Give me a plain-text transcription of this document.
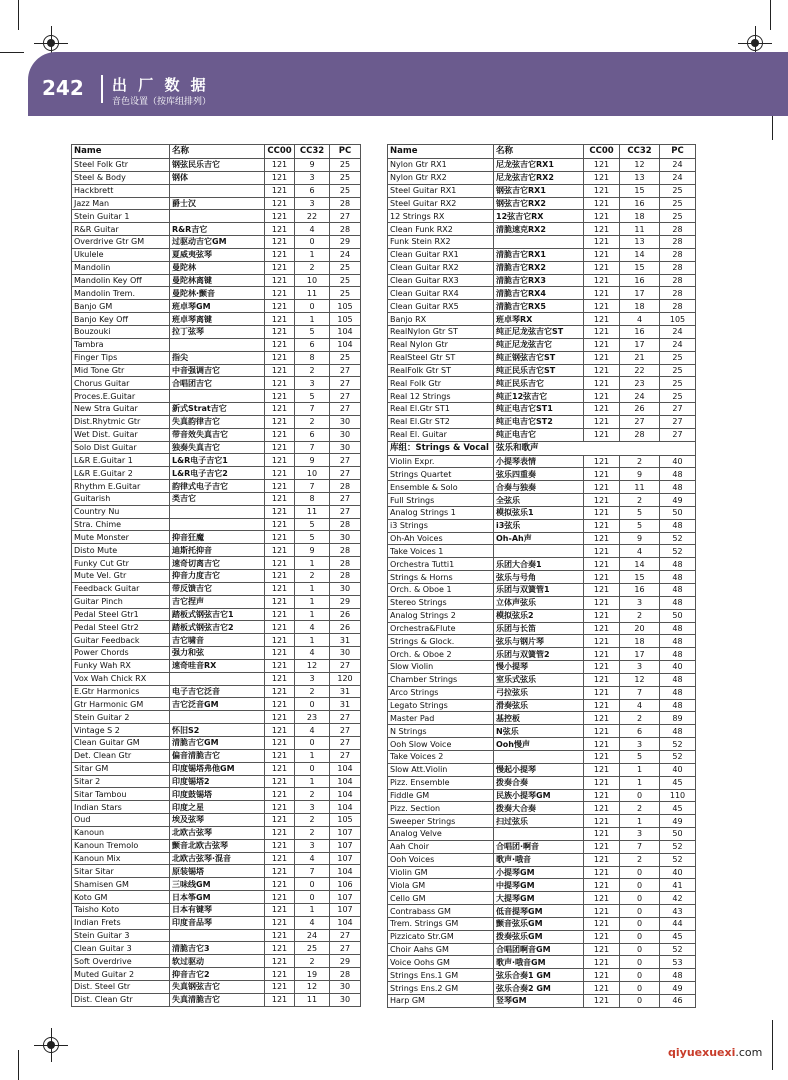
242 出 厂 数 据
音色设置（按库组排列）
Name	名称	CC00	CC32	PC
Steel Folk Gtr	钢弦民乐吉它	121	9	25
Steel & Body	钢体	121	3	25
Hackbrett		121	6	25
Jazz Man	爵士汉	121	3	28
Stein Guitar 1		121	22	27
R&R Guitar	R&R吉它	121	4	28
Overdrive Gtr GM	过驱动吉它GM	121	0	29
Ukulele	夏威夷弦琴	121	1	24
Mandolin	曼陀林	121	2	25
Mandolin Key Off	曼陀林离键	121	10	25
Mandolin Trem.	曼陀林·颤音	121	11	25
Banjo GM	班卓琴GM	121	0	105
Banjo Key Off	班卓琴离键	121	1	105
Bouzouki	拉丁弦琴	121	5	104
Tambra		121	6	104
Finger Tips	指尖	121	8	25
Mid Tone Gtr	中音强调吉它	121	2	27
Chorus Guitar	合唱团吉它	121	3	27
Proces.E.Guitar		121	5	27
New Stra Guitar	新式Strat吉它	121	7	27
Dist.Rhytmic Gtr	失真韵律吉它	121	2	30
Wet Dist. Guitar	带音效失真吉它	121	6	30
Solo Dist Guitar	独奏失真吉它	121	7	30
L&R E.Guitar 1	L&R电子吉它1	121	9	27
L&R E.Guitar 2	L&R电子吉它2	121	10	27
Rhythm E.Guitar	韵律式电子吉它	121	7	28
Guitarish	类吉它	121	8	27
Country Nu		121	11	27
Stra. Chime		121	5	28
Mute Monster	抑音狂魔	121	5	30
Disto Mute	迪斯托抑音	121	9	28
Funky Cut Gtr	速奇切离吉它	121	1	28
Mute Vel. Gtr	抑音力度吉它	121	2	28
Feedback Guitar	带反馈吉它	121	1	30
Guitar Pinch	吉它捏声	121	1	29
Pedal Steel Gtr1	踏板式钢弦吉它1	121	1	26
Pedal Steel Gtr2	踏板式钢弦吉它2	121	4	26
Guitar Feedback	吉它啸音	121	1	31
Power Chords	强力和弦	121	4	30
Funky Wah RX	速奇哇音RX	121	12	27
Vox Wah Chick RX		121	3	120
E.Gtr Harmonics	电子吉它泛音	121	2	31
Gtr Harmonic GM	吉它泛音GM	121	0	31
Stein Guitar 2		121	23	27
Vintage S 2	怀旧S2	121	4	27
Clean Guitar GM	清脆吉它GM	121	0	27
Det. Clean Gtr	偏音清脆吉它	121	1	27
Sitar GM	印度锡塔弗他GM	121	0	104
Sitar 2	印度锡塔2	121	1	104
Sitar Tambou	印度鼓锡塔	121	2	104
Indian Stars	印度之星	121	3	104
Oud	埃及弦琴	121	2	105
Kanoun	北欧古弦琴	121	2	107
Kanoun Tremolo	颤音北欧古弦琴	121	3	107
Kanoun Mix	北欧古弦琴·混音	121	4	107
Sitar Sitar	原装锡塔	121	7	104
Shamisen GM	三味线GM	121	0	106
Koto GM	日本筝GM	121	0	107
Taisho Koto	日本有键琴	121	1	107
Indian Frets	印度音品琴	121	4	104
Stein Guitar 3		121	24	27
Clean Guitar 3	清脆吉它3	121	25	27
Soft Overdrive	软过驱动	121	2	29
Muted Guitar 2	抑音吉它2	121	19	28
Dist. Steel Gtr	失真钢弦吉它	121	12	30
Dist. Clean Gtr	失真清脆吉它	121	11	30
Name	名称	CC00	CC32	PC
Nylon Gtr RX1	尼龙弦吉它RX1	121	12	24
Nylon Gtr RX2	尼龙弦吉它RX2	121	13	24
Steel Guitar RX1	钢弦吉它RX1	121	15	25
Steel Guitar RX2	钢弦吉它RX2	121	16	25
12 Strings RX	12弦吉它RX	121	18	25
Clean Funk RX2	清脆速克RX2	121	11	28
Funk Stein RX2		121	13	28
Clean Guitar RX1	清脆吉它RX1	121	14	28
Clean Guitar RX2	清脆吉它RX2	121	15	28
Clean Guitar RX3	清脆吉它RX3	121	16	28
Clean Guitar RX4	清脆吉它RX4	121	17	28
Clean Guitar RX5	清脆吉它RX5	121	18	28
Banjo RX	班卓琴RX	121	4	105
RealNylon Gtr ST	纯正尼龙弦吉它ST	121	16	24
Real Nylon Gtr	纯正尼龙弦吉它	121	17	24
RealSteel Gtr ST	纯正钢弦吉它ST	121	21	25
RealFolk Gtr ST	纯正民乐吉它ST	121	22	25
Real Folk Gtr	纯正民乐吉它	121	23	25
Real 12 Strings	纯正12弦吉它	121	24	25
Real El.Gtr ST1	纯正电吉它ST1	121	26	27
Real El.Gtr ST2	纯正电吉它ST2	121	27	27
Real El. Guitar	纯正电吉它	121	28	27
库组：Strings & Vocal	弦乐和歌声			
Violin Expr.	小提琴表情	121	2	40
Strings Quartet	弦乐四重奏	121	9	48
Ensemble & Solo	合奏与独奏	121	11	48
Full Strings	全弦乐	121	2	49
Analog Strings 1	模拟弦乐1	121	5	50
i3 Strings	i3弦乐	121	5	48
Oh-Ah Voices	Oh-Ah声	121	9	52
Take Voices 1		121	4	52
Orchestra Tutti1	乐团大合奏1	121	14	48
Strings & Horns	弦乐与号角	121	15	48
Orch. & Oboe 1	乐团与双簧管1	121	16	48
Stereo Strings	立体声弦乐	121	3	48
Analog Strings 2	模拟弦乐2	121	2	50
Orchestra&Flute	乐团与长笛	121	20	48
Strings & Glock.	弦乐与钢片琴	121	18	48
Orch. & Oboe 2	乐团与双簧管2	121	17	48
Slow Violin	慢小提琴	121	3	40
Chamber Strings	室乐式弦乐	121	12	48
Arco Strings	弓拉弦乐	121	7	48
Legato Strings	滑奏弦乐	121	4	48
Master Pad	基控板	121	2	89
N Strings	N弦乐	121	6	48
Ooh Slow Voice	Ooh慢声	121	3	52
Take Voices 2		121	5	52
Slow Att.Violin	慢起小提琴	121	1	40
Pizz. Ensemble	拨奏合奏	121	1	45
Fiddle GM	民族小提琴GM	121	0	110
Pizz. Section	拨奏大合奏	121	2	45
Sweeper Strings	扫过弦乐	121	1	49
Analog Velve		121	3	50
Aah Choir	合唱团·啊音	121	7	52
Ooh Voices	歌声·哦音	121	2	52
Violin GM	小提琴GM	121	0	40
Viola GM	中提琴GM	121	0	41
Cello GM	大提琴GM	121	0	42
Contrabass GM	低音提琴GM	121	0	43
Trem. Strings GM	颤音弦乐GM	121	0	44
Pizzicato Str.GM	拨奏弦乐GM	121	0	45
Choir Aahs GM	合唱团啊音GM	121	0	52
Voice Oohs GM	歌声·哦音GM	121	0	53
Strings Ens.1 GM	弦乐合奏1 GM	121	0	48
Strings Ens.2 GM	弦乐合奏2 GM	121	0	49
Harp GM	竖琴GM	121	0	46
qiyuexuexi.com
